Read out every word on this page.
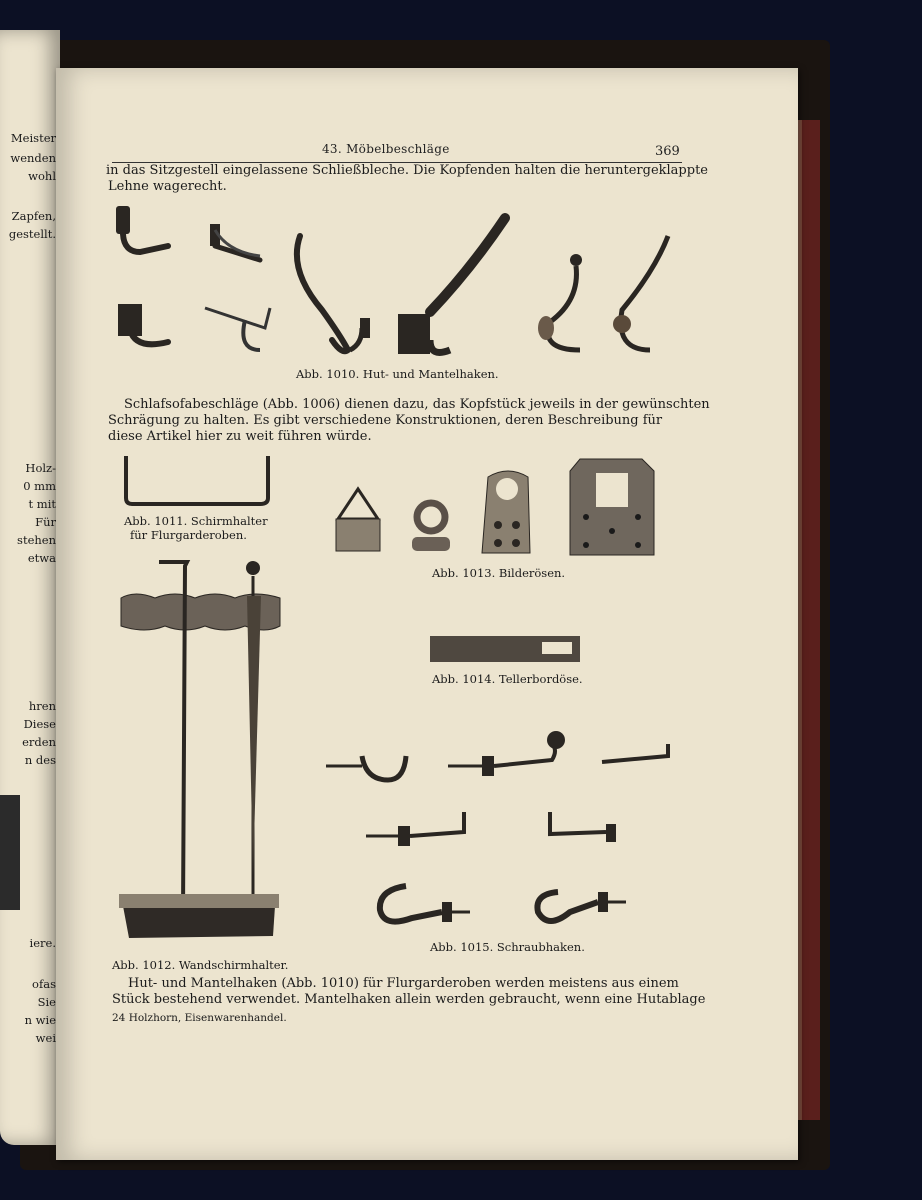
Meister
wenden
wohl
Zapfen,
gestellt.
Holz-
0 mm
t mit
Für
stehen
etwa
hren
Diese
erden
n des
iere.
ofas
Sie
n wie
wei
43. Möbelbeschläge	369
in das Sitzgestell eingelassene Schließbleche. Die Kopfenden halten die heruntergeklappte
Lehne wagerecht.
Abb. 1010. Hut- und Mantelhaken.
Schlafsofabeschläge (Abb. 1006) dienen dazu, das Kopfstück jeweils in der gewünschten
Schrägung zu halten. Es gibt verschiedene Konstruktionen, deren Beschreibung für
diese Artikel hier zu weit führen würde.
Abb. 1011. Schirmhalter
für Flurgarderoben.
Abb. 1013. Bilderösen.
Abb. 1012. Wandschirmhalter.
Abb. 1014. Tellerbordöse.
Abb. 1015. Schraubhaken.
Hut- und Mantelhaken (Abb. 1010) für Flurgarderoben werden meistens aus einem
Stück bestehend verwendet. Mantelhaken allein werden gebraucht, wenn eine Hutablage
24 Holzhorn, Eisenwarenhandel.
